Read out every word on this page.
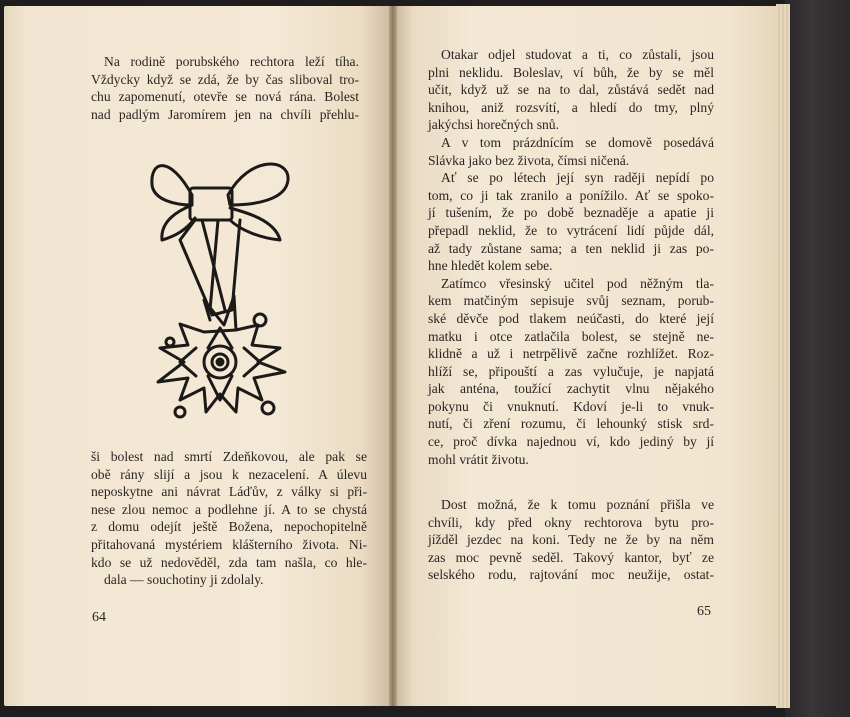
Na rodině porubského rechtora leží tíha.
Vždycky když se zdá, že by čas sliboval tro-
chu zapomenutí, otevře se nová rána. Bolest
nad padlým Jaromírem jen na chvíli přehlu-
ši bolest nad smrtí Zdeňkovou, ale pak se
obě rány slijí a jsou k nezacelení. A úlevu
neposkytne ani návrat Láďův, z války si při-
nese zlou nemoc a podlehne jí. A to se chystá
z domu odejít ještě Božena, nepochopitelně
přitahovaná mystériem klášterního života. Ni-
kdo se už nedověděl, zda tam našla, co hle-
dala — souchotiny ji zdolaly.
64
Otakar odjel studovat a ti, co zůstali, jsou
plni neklidu. Boleslav, ví bůh, že by se měl
učit, když už se na to dal, zůstává sedět nad
knihou, aniž rozsvítí, a hledí do tmy, plný
jakýchsi horečných snů.
A v tom prázdnícím se domově posedává
Slávka jako bez života, čímsi ničená.
Ať se po létech její syn raději nepídí po
tom, co ji tak zranilo a ponížilo. Ať se spoko-
jí tušením, že po době beznaděje a apatie ji
přepadl neklid, že to vytrácení lidí půjde dál,
až tady zůstane sama; a ten neklid ji zas po-
hne hledět kolem sebe.
Zatímco vřesinský učitel pod něžným tla-
kem matčiným sepisuje svůj seznam, porub-
ské děvče pod tlakem neúčasti, do které její
matku i otce zatlačila bolest, se stejně ne-
klidně a už i netrpělivě začne rozhlížet. Roz-
hlíží se, připouští a zas vylučuje, je napjatá
jak anténa, toužící zachytit vlnu nějakého
pokynu či vnuknutí. Kdoví je-li to vnuk-
nutí, či zření rozumu, či lehounký stisk srd-
ce, proč dívka najednou ví, kdo jediný by jí
mohl vrátit životu.
Dost možná, že k tomu poznání přišla ve
chvíli, kdy před okny rechtorova bytu pro-
jížděl jezdec na koni. Tedy ne že by na něm
zas moc pevně seděl. Takový kantor, byť ze
selského rodu, rajtování moc neužije, ostat-
65
